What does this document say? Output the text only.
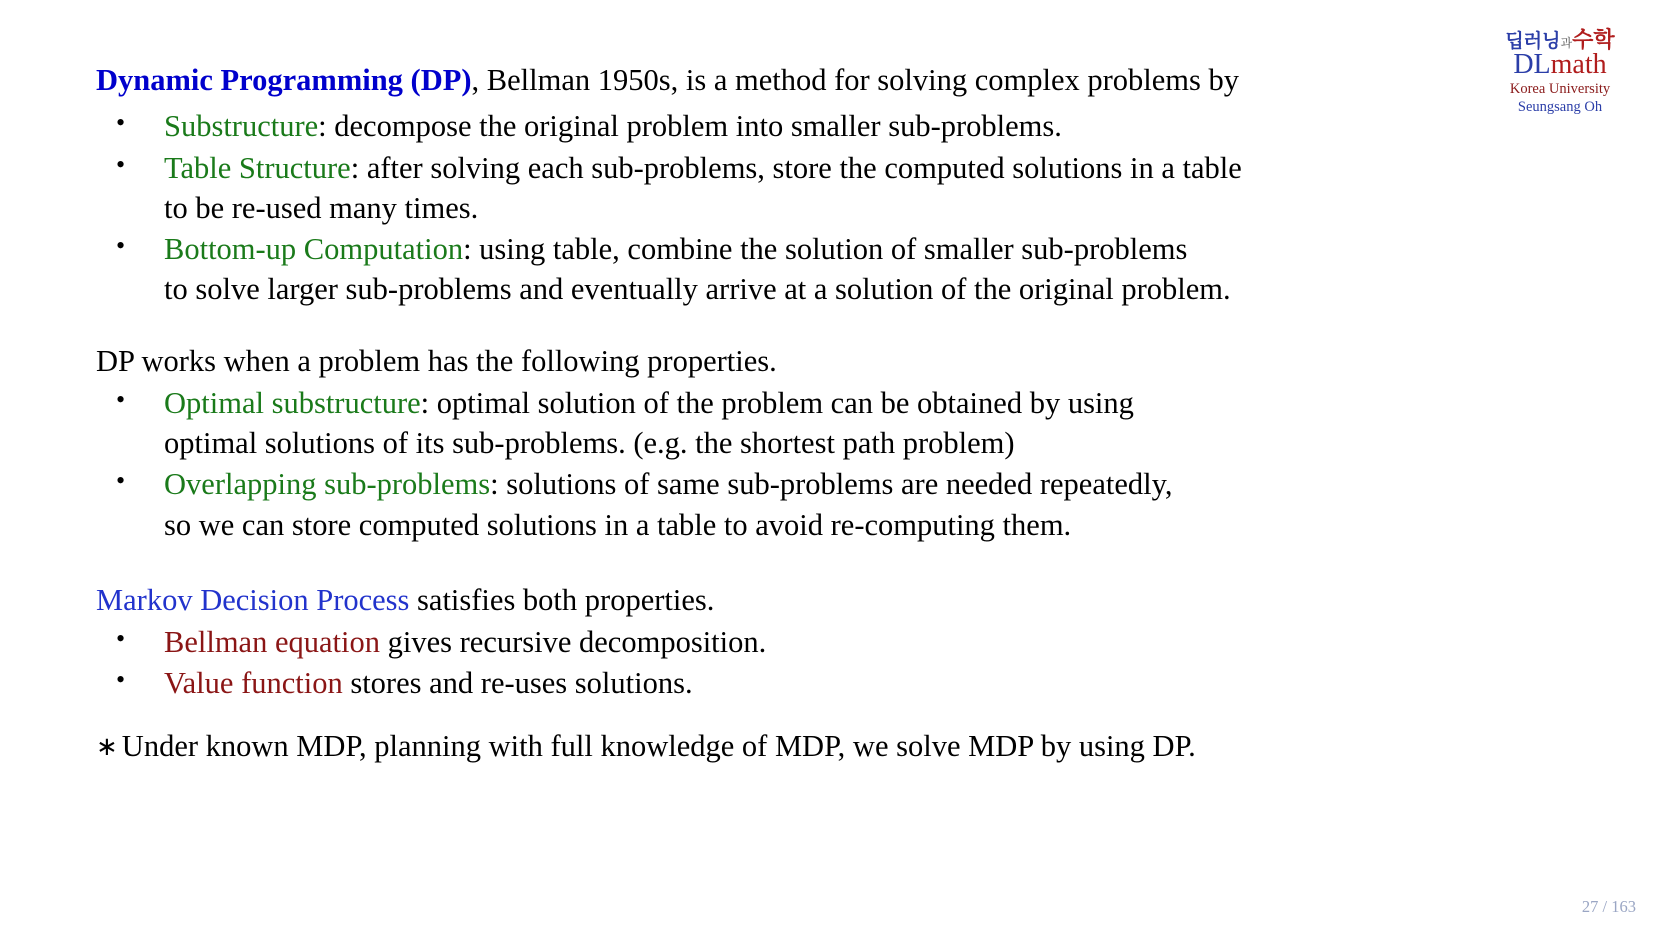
딥러닝과수학
DLmath
Korea University
Seungsang Oh

Dynamic Programming (DP), Bellman 1950s, is a method for solving complex problems by

• Substructure: decompose the original problem into smaller sub-problems.
• Table Structure: after solving each sub-problems, store the computed solutions in a table
to be re-used many times.
• Bottom-up Computation: using table, combine the solution of smaller sub-problems
to solve larger sub-problems and eventually arrive at a solution of the original problem.

DP works when a problem has the following properties.

• Optimal substructure: optimal solution of the problem can be obtained by using
optimal solutions of its sub-problems. (e.g. the shortest path problem)
• Overlapping sub-problems: solutions of same sub-problems are needed repeatedly,
so we can store computed solutions in a table to avoid re-computing them.

Markov Decision Process satisfies both properties.

• Bellman equation gives recursive decomposition.
• Value function stores and re-uses solutions.

∗ Under known MDP, planning with full knowledge of MDP, we solve MDP by using DP.

27 / 163
